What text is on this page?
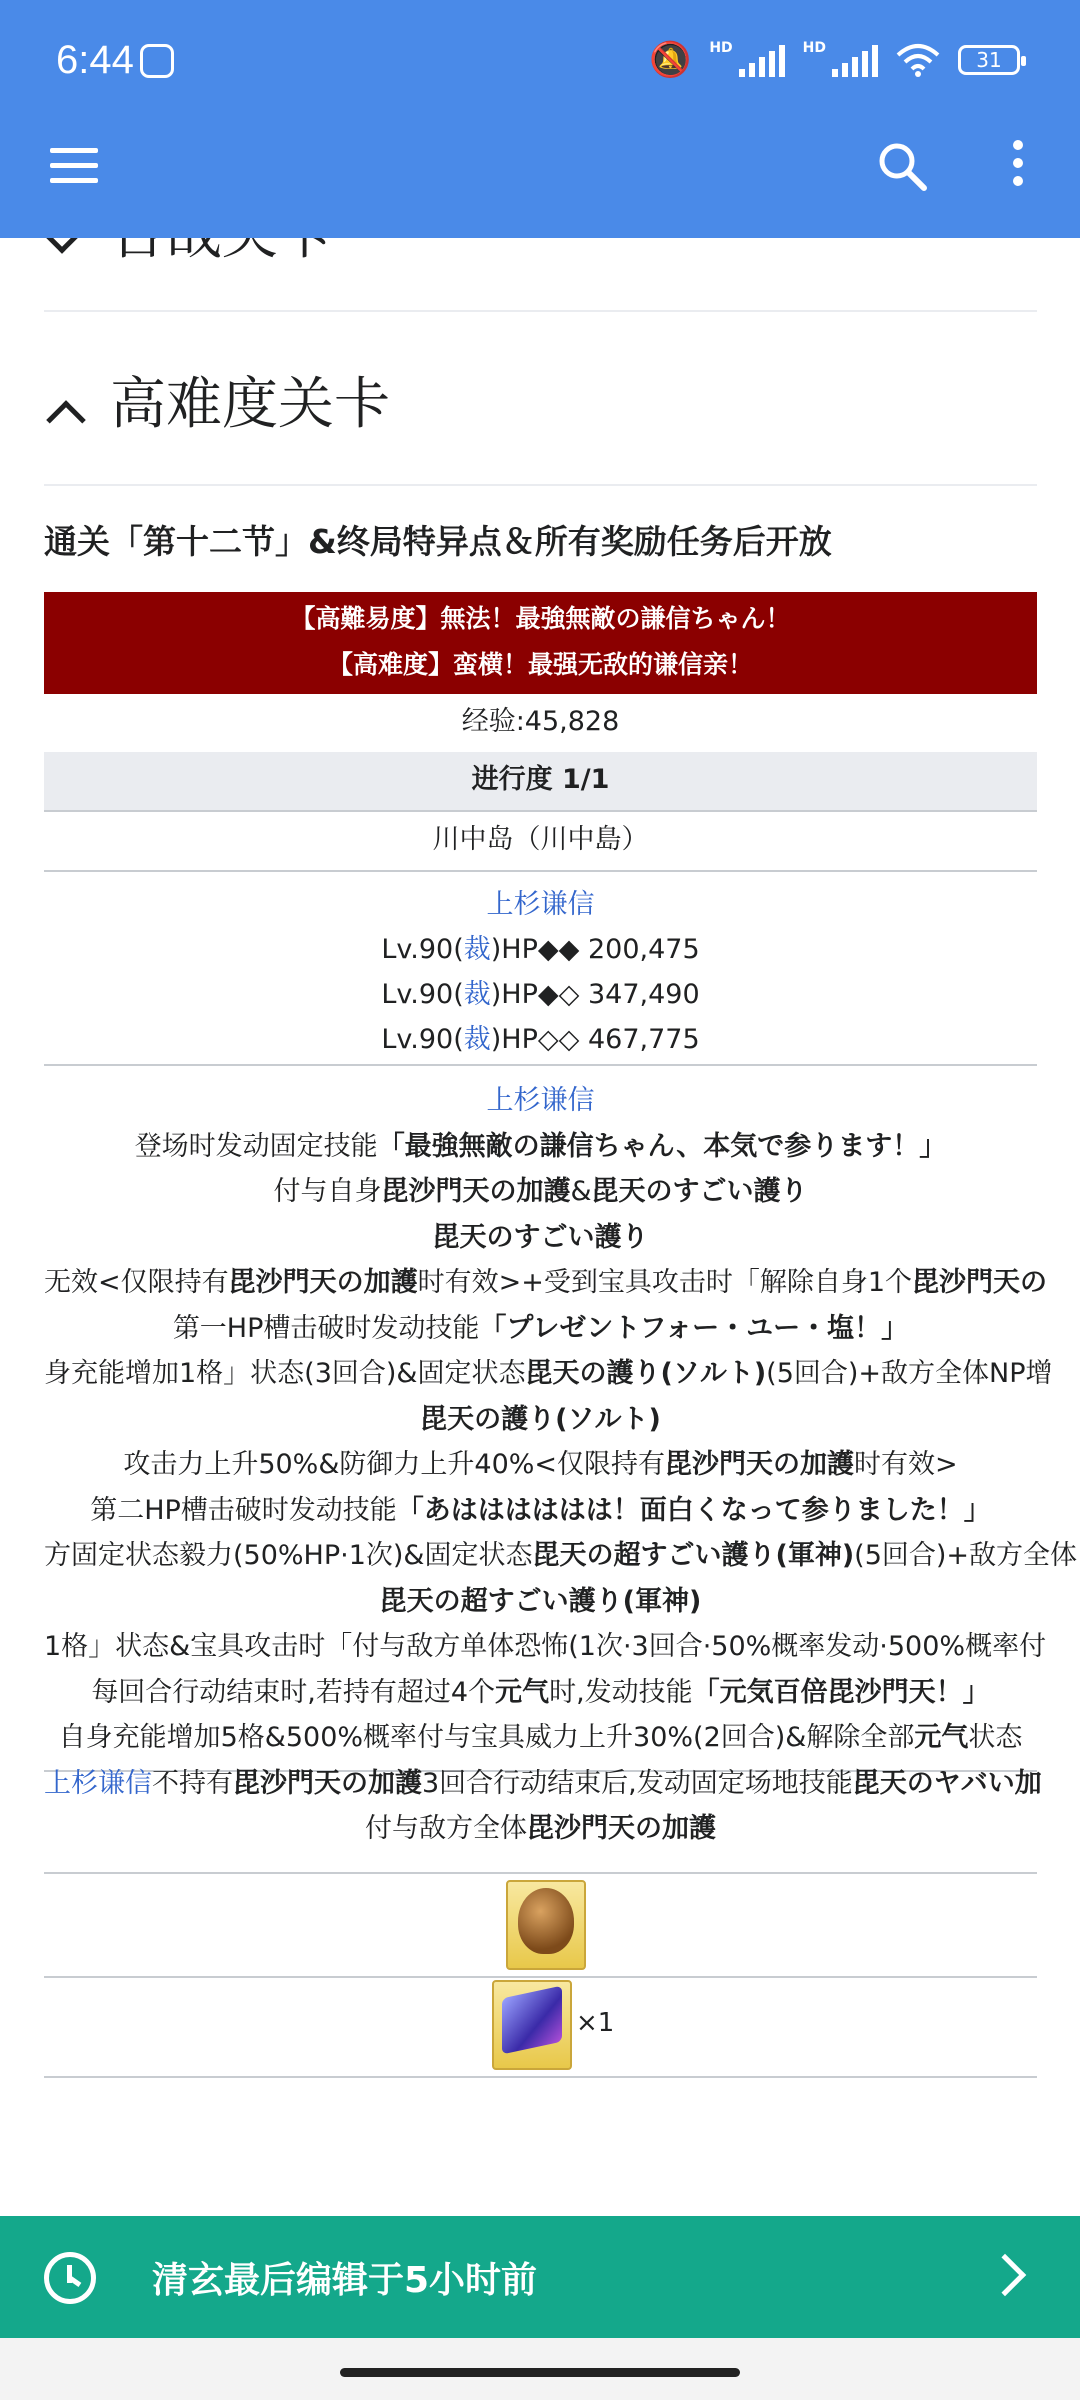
6:44	🔕 HD	HD	31
高难度关卡
通关「第十二节」&终局特异点＆所有奖励任务后开放
【高難易度】無法！最強無敵の謙信ちゃん！
【高难度】蛮横！最强无敌的谦信亲！
经验:45,828
进行度 1/1
川中岛（川中島）
上杉谦信
Lv.90(裁)HP◆◆ 200,475
Lv.90(裁)HP◆◇ 347,490
Lv.90(裁)HP◇◇ 467,775
上杉谦信
登场时发动固定技能「最強無敵の謙信ちゃん、本気で参ります！」
付与自身毘沙門天の加護&毘天のすごい護り
毘天のすごい護り
无效<仅限持有毘沙門天の加護时有效>+受到宝具攻击时「解除自身1个毘沙門天の
第一HP槽击破时发动技能「プレゼントフォー・ユー・塩！」
身充能增加1格」状态(3回合)&固定状态毘天の護り(ソルト)(5回合)+敌方全体NP增
毘天の護り(ソルト)
攻击力上升50%&防御力上升40%<仅限持有毘沙門天の加護时有效>
第二HP槽击破时发动技能「あはははははは！面白くなって参りました！」
方固定状态毅力(50%HP·1次)&固定状态毘天の超すごい護り(軍神)(5回合)+敌方全体
毘天の超すごい護り(軍神)
1格」状态&宝具攻击时「付与敌方单体恐怖(1次·3回合·50%概率发动·500%概率付
每回合行动结束时,若持有超过4个元气时,发动技能「元気百倍毘沙門天！」
自身充能增加5格&500%概率付与宝具威力上升30%(2回合)&解除全部元气状态
上杉谦信不持有毘沙門天の加護3回合行动结束后,发动固定场地技能毘天のヤバい加
付与敌方全体毘沙門天の加護
×1
清玄最后编辑于5小时前
